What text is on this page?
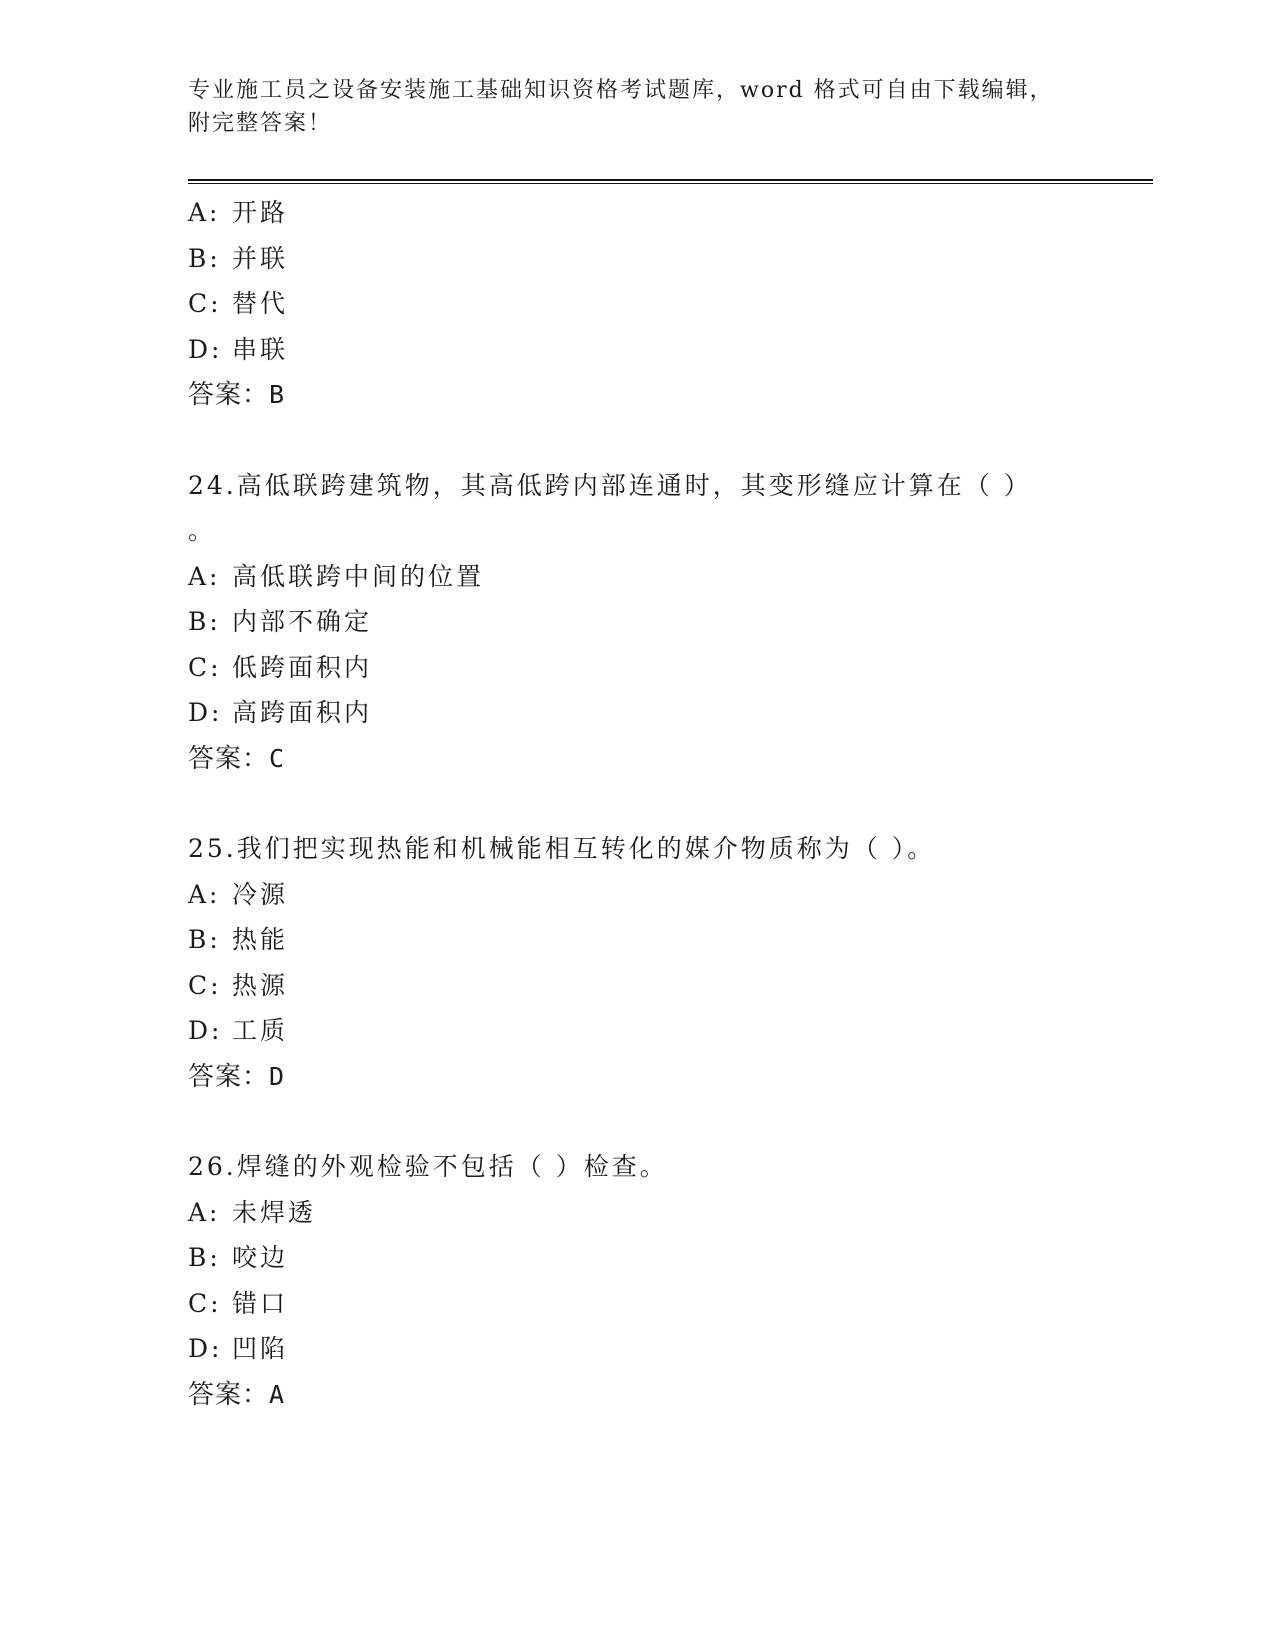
专业施工员之设备安装施工基础知识资格考试题库，word 格式可自由下载编辑，
附完整答案！
A: 开路
B: 并联
C: 替代
D: 串联
答案：B
24.高低联跨建筑物，其高低跨内部连通时，其变形缝应计算在（ ）
。
A: 高低联跨中间的位置
B: 内部不确定
C: 低跨面积内
D: 高跨面积内
答案：C
25.我们把实现热能和机械能相互转化的媒介物质称为（ ）。
A: 冷源
B: 热能
C: 热源
D: 工质
答案：D
26.焊缝的外观检验不包括（ ）检查。
A: 未焊透
B: 咬边
C: 错口
D: 凹陷
答案：A
